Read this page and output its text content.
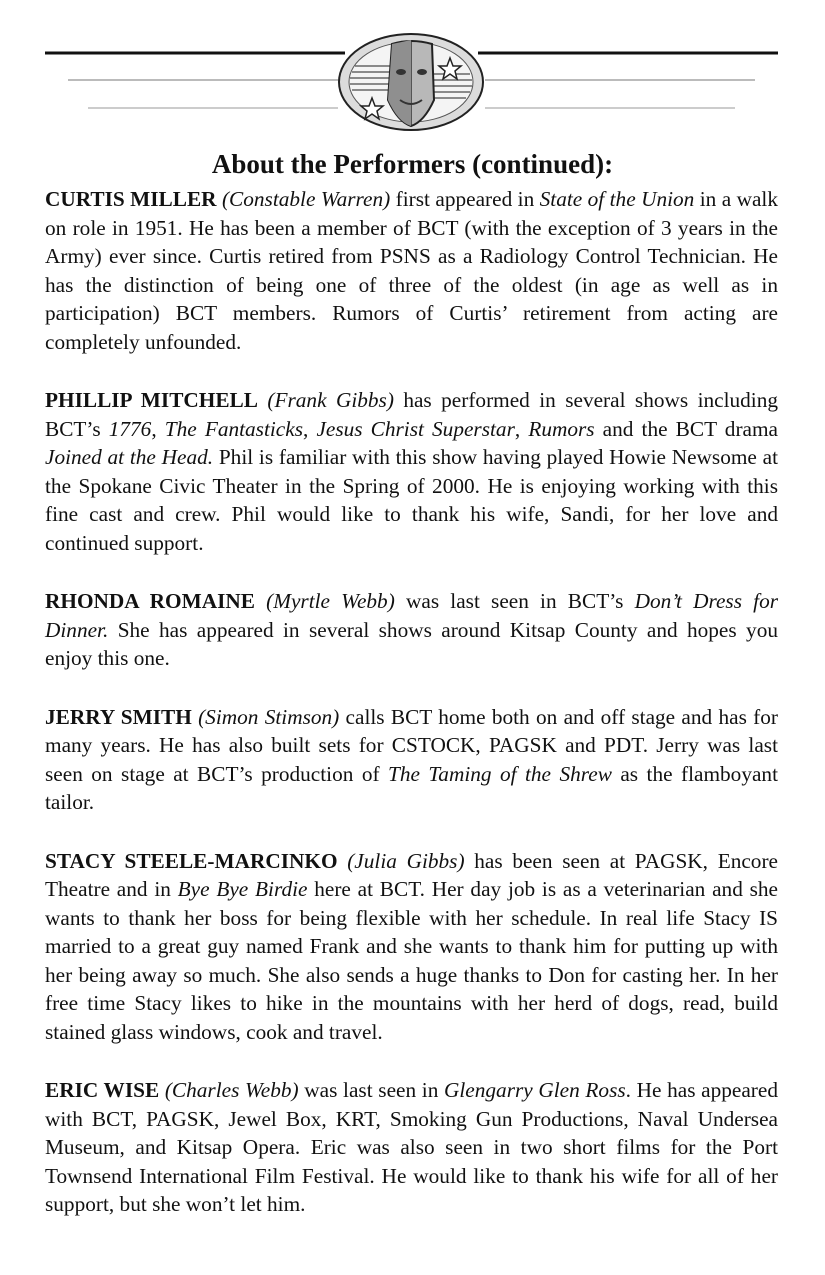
About the Performers (continued):

CURTIS MILLER (Constable Warren) first appeared in State of the Union in a walk on role in 1951. He has been a member of BCT (with the exception of 3 years in the Army) ever since. Curtis retired from PSNS as a Radiology Control Technician. He has the distinction of being one of three of the oldest (in age as well as in participation) BCT members. Rumors of Curtis’ retirement from acting are completely unfounded.

PHILLIP MITCHELL (Frank Gibbs) has performed in several shows including BCT’s 1776, The Fantasticks, Jesus Christ Superstar, Rumors and the BCT drama Joined at the Head. Phil is familiar with this show having played Howie Newsome at the Spokane Civic Theater in the Spring of 2000. He is enjoying working with this fine cast and crew. Phil would like to thank his wife, Sandi, for her love and continued support.

RHONDA ROMAINE (Myrtle Webb) was last seen in BCT’s Don’t Dress for Dinner. She has appeared in several shows around Kitsap County and hopes you enjoy this one.

JERRY SMITH (Simon Stimson) calls BCT home both on and off stage and has for many years. He has also built sets for CSTOCK, PAGSK and PDT. Jerry was last seen on stage at BCT’s production of The Taming of the Shrew as the flamboyant tailor.

STACY STEELE-MARCINKO (Julia Gibbs) has been seen at PAGSK, Encore Theatre and in Bye Bye Birdie here at BCT. Her day job is as a veterinarian and she wants to thank her boss for being flexible with her schedule. In real life Stacy IS married to a great guy named Frank and she wants to thank him for putting up with her being away so much. She also sends a huge thanks to Don for casting her. In her free time Stacy likes to hike in the mountains with her herd of dogs, read, build stained glass windows, cook and travel.

ERIC WISE (Charles Webb) was last seen in Glengarry Glen Ross. He has appeared with BCT, PAGSK, Jewel Box, KRT, Smoking Gun Productions, Naval Undersea Museum, and Kitsap Opera. Eric was also seen in two short films for the Port Townsend International Film Festival. He would like to thank his wife for all of her support, but she won’t let him.
